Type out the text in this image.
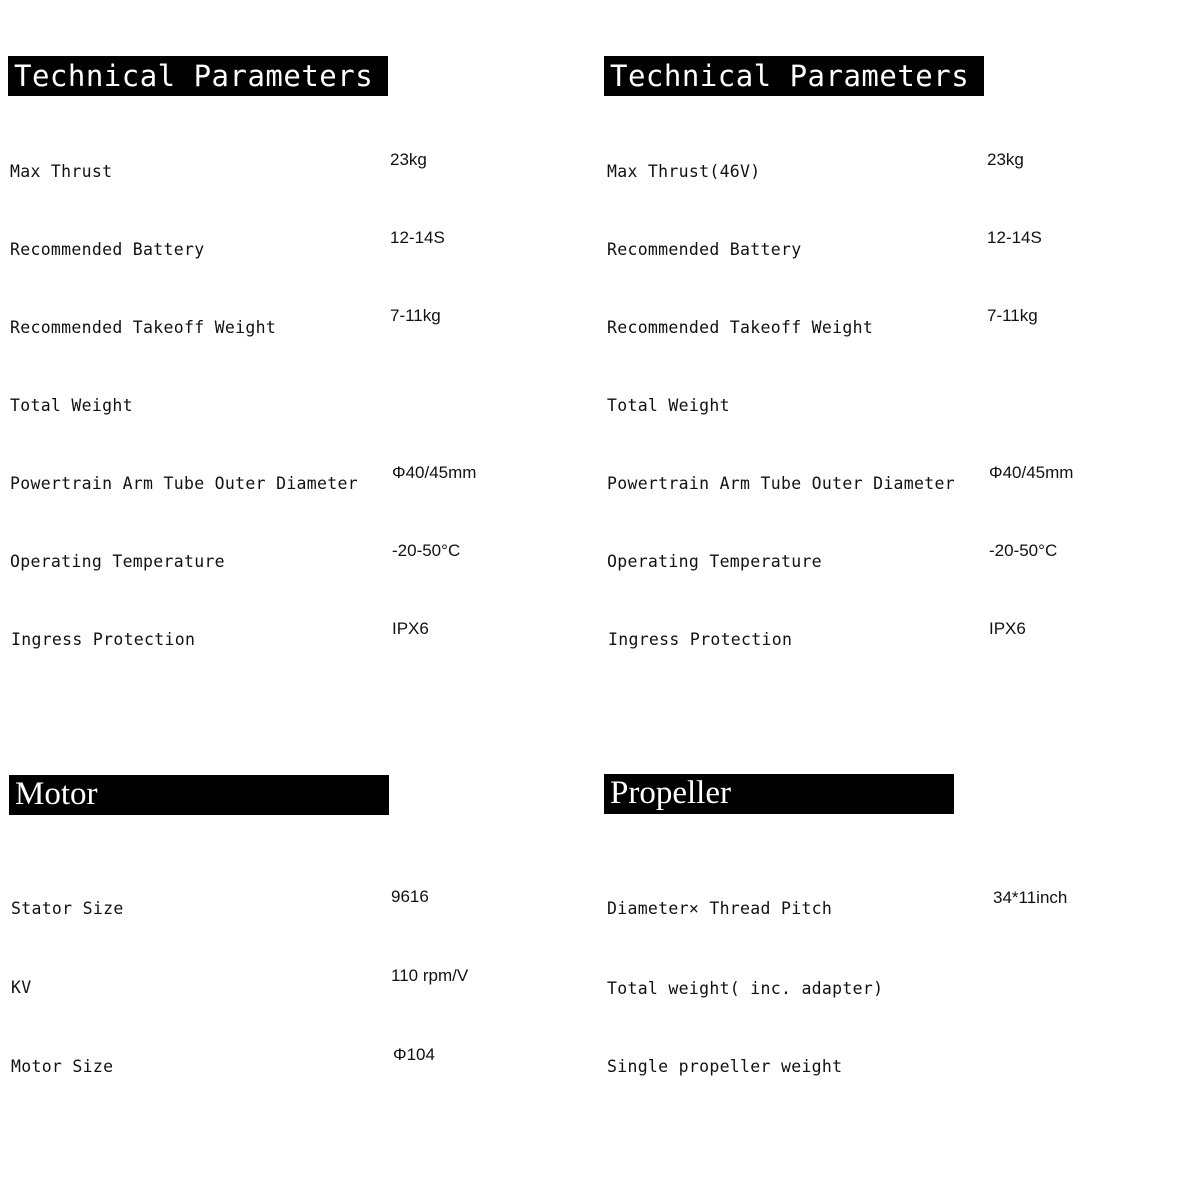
Technical Parameters
Max Thrust
23kg
Recommended Battery
12-14S
Recommended Takeoff Weight
7-11kg
Total Weight
Powertrain Arm Tube Outer Diameter
Φ40/45mm
Operating Temperature
-20-50°C
Ingress Protection
IPX6
Technical Parameters
Max Thrust(46V)
23kg
Recommended Battery
12-14S
Recommended Takeoff Weight
7-11kg
Total Weight
Powertrain Arm Tube Outer Diameter
Φ40/45mm
Operating Temperature
-20-50°C
Ingress Protection
IPX6
Motor
Stator Size
9616
KV
110 rpm/V
Motor Size
Φ104
Propeller
Diameter× Thread Pitch
34*11inch
Total weight( inc. adapter)
Single propeller weight
